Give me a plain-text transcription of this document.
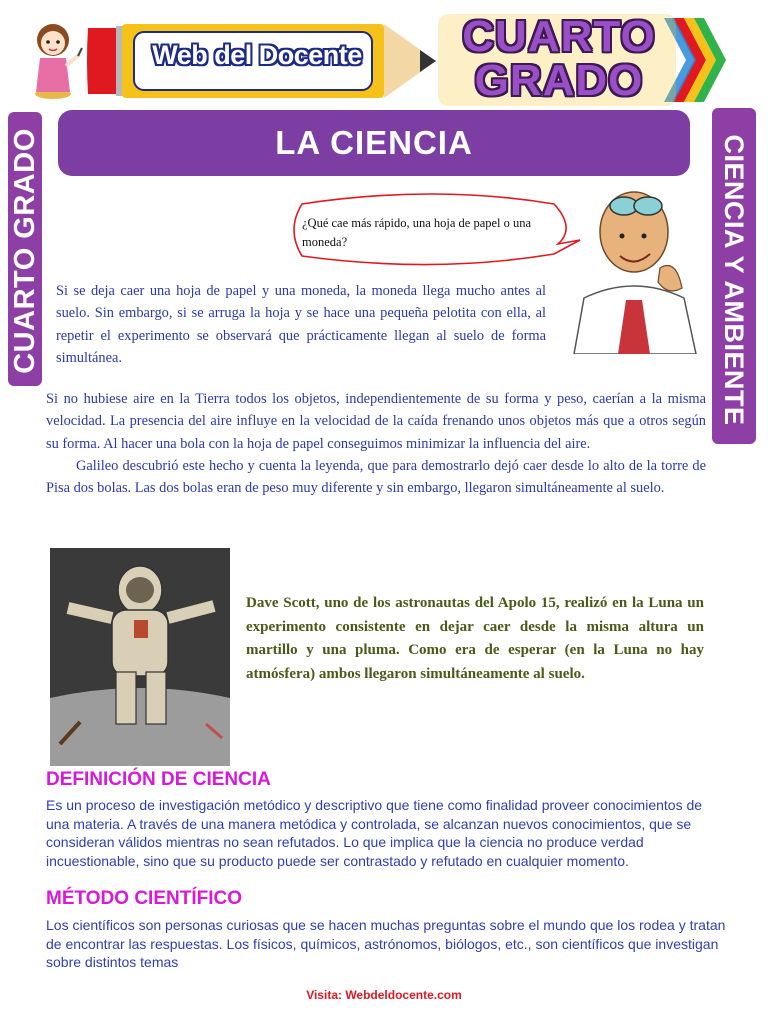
Web del Docente	CUARTO
GRADO
CUARTO GRADO	CIENCIA Y AMBIENTE
LA CIENCIA
¿Qué cae más rápido, una hoja de papel o una moneda?
Si se deja caer una hoja de papel y una moneda, la moneda llega mucho antes al suelo. Sin embargo, si se arruga la hoja y se hace una pequeña pelotita con ella, al repetir el experimento se observará que prácticamente llegan al suelo de forma simultánea.
Si no hubiese aire en la Tierra todos los objetos, independientemente de su forma y peso, caerían a la misma velocidad. La presencia del aire influye en la velocidad de la caída frenando unos objetos más que a otros según su forma. Al hacer una bola con la hoja de papel conseguimos minimizar la influencia del aire.
Galileo descubrió este hecho y cuenta la leyenda, que para demostrarlo dejó caer desde lo alto de la torre de Pisa dos bolas. Las dos bolas eran de peso muy diferente y sin embargo, llegaron simultáneamente al suelo.
Dave Scott, uno de los astronautas del Apolo 15, realizó en la Luna un experimento consistente en dejar caer desde la misma altura un martillo y una pluma. Como era de esperar (en la Luna no hay atmósfera) ambos llegaron simultáneamente al suelo.
DEFINICIÓN DE CIENCIA
Es un proceso de investigación metódico y descriptivo que tiene como finalidad proveer conocimientos de una materia. A través de una manera metódica y controlada, se alcanzan nuevos conocimientos, que se consideran válidos mientras no sean refutados. Lo que implica que la ciencia no produce verdad incuestionable, sino que su producto puede ser contrastado y refutado en cualquier momento.
MÉTODO CIENTÍFICO
Los científicos son personas curiosas que se hacen muchas preguntas sobre el mundo que los rodea y tratan de encontrar las respuestas. Los físicos, químicos, astrónomos, biólogos, etc., son científicos que investigan sobre distintos temas
Visita: Webdeldocente.com
